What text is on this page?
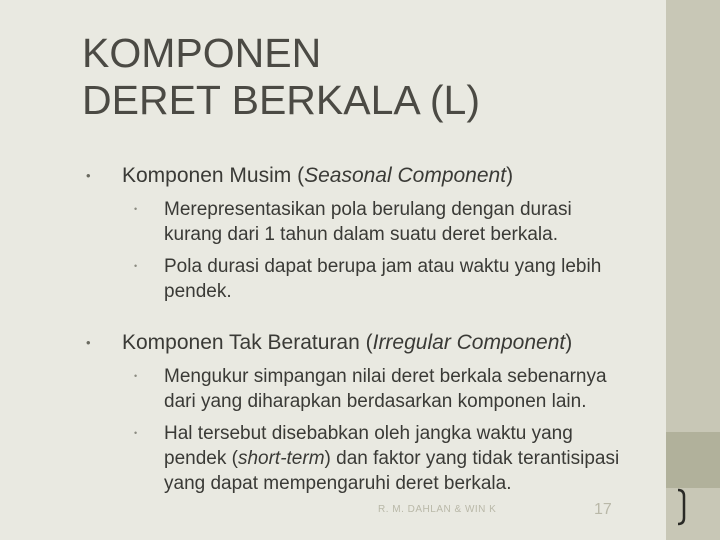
KOMPONEN
DERET BERKALA (L)
• Komponen Musim (Seasonal Component)
• Merepresentasikan pola berulang dengan durasi
kurang dari 1 tahun dalam suatu deret berkala.
• Pola durasi dapat berupa jam atau waktu yang lebih
pendek.
• Komponen Tak Beraturan (Irregular Component)
• Mengukur simpangan nilai deret berkala sebenarnya
dari yang diharapkan berdasarkan komponen lain.
• Hal tersebut disebabkan oleh jangka waktu yang
pendek (short-term) dan faktor yang tidak terantisipasi
yang dapat mempengaruhi deret berkala.
R. M. DAHLAN & WIN K	17
